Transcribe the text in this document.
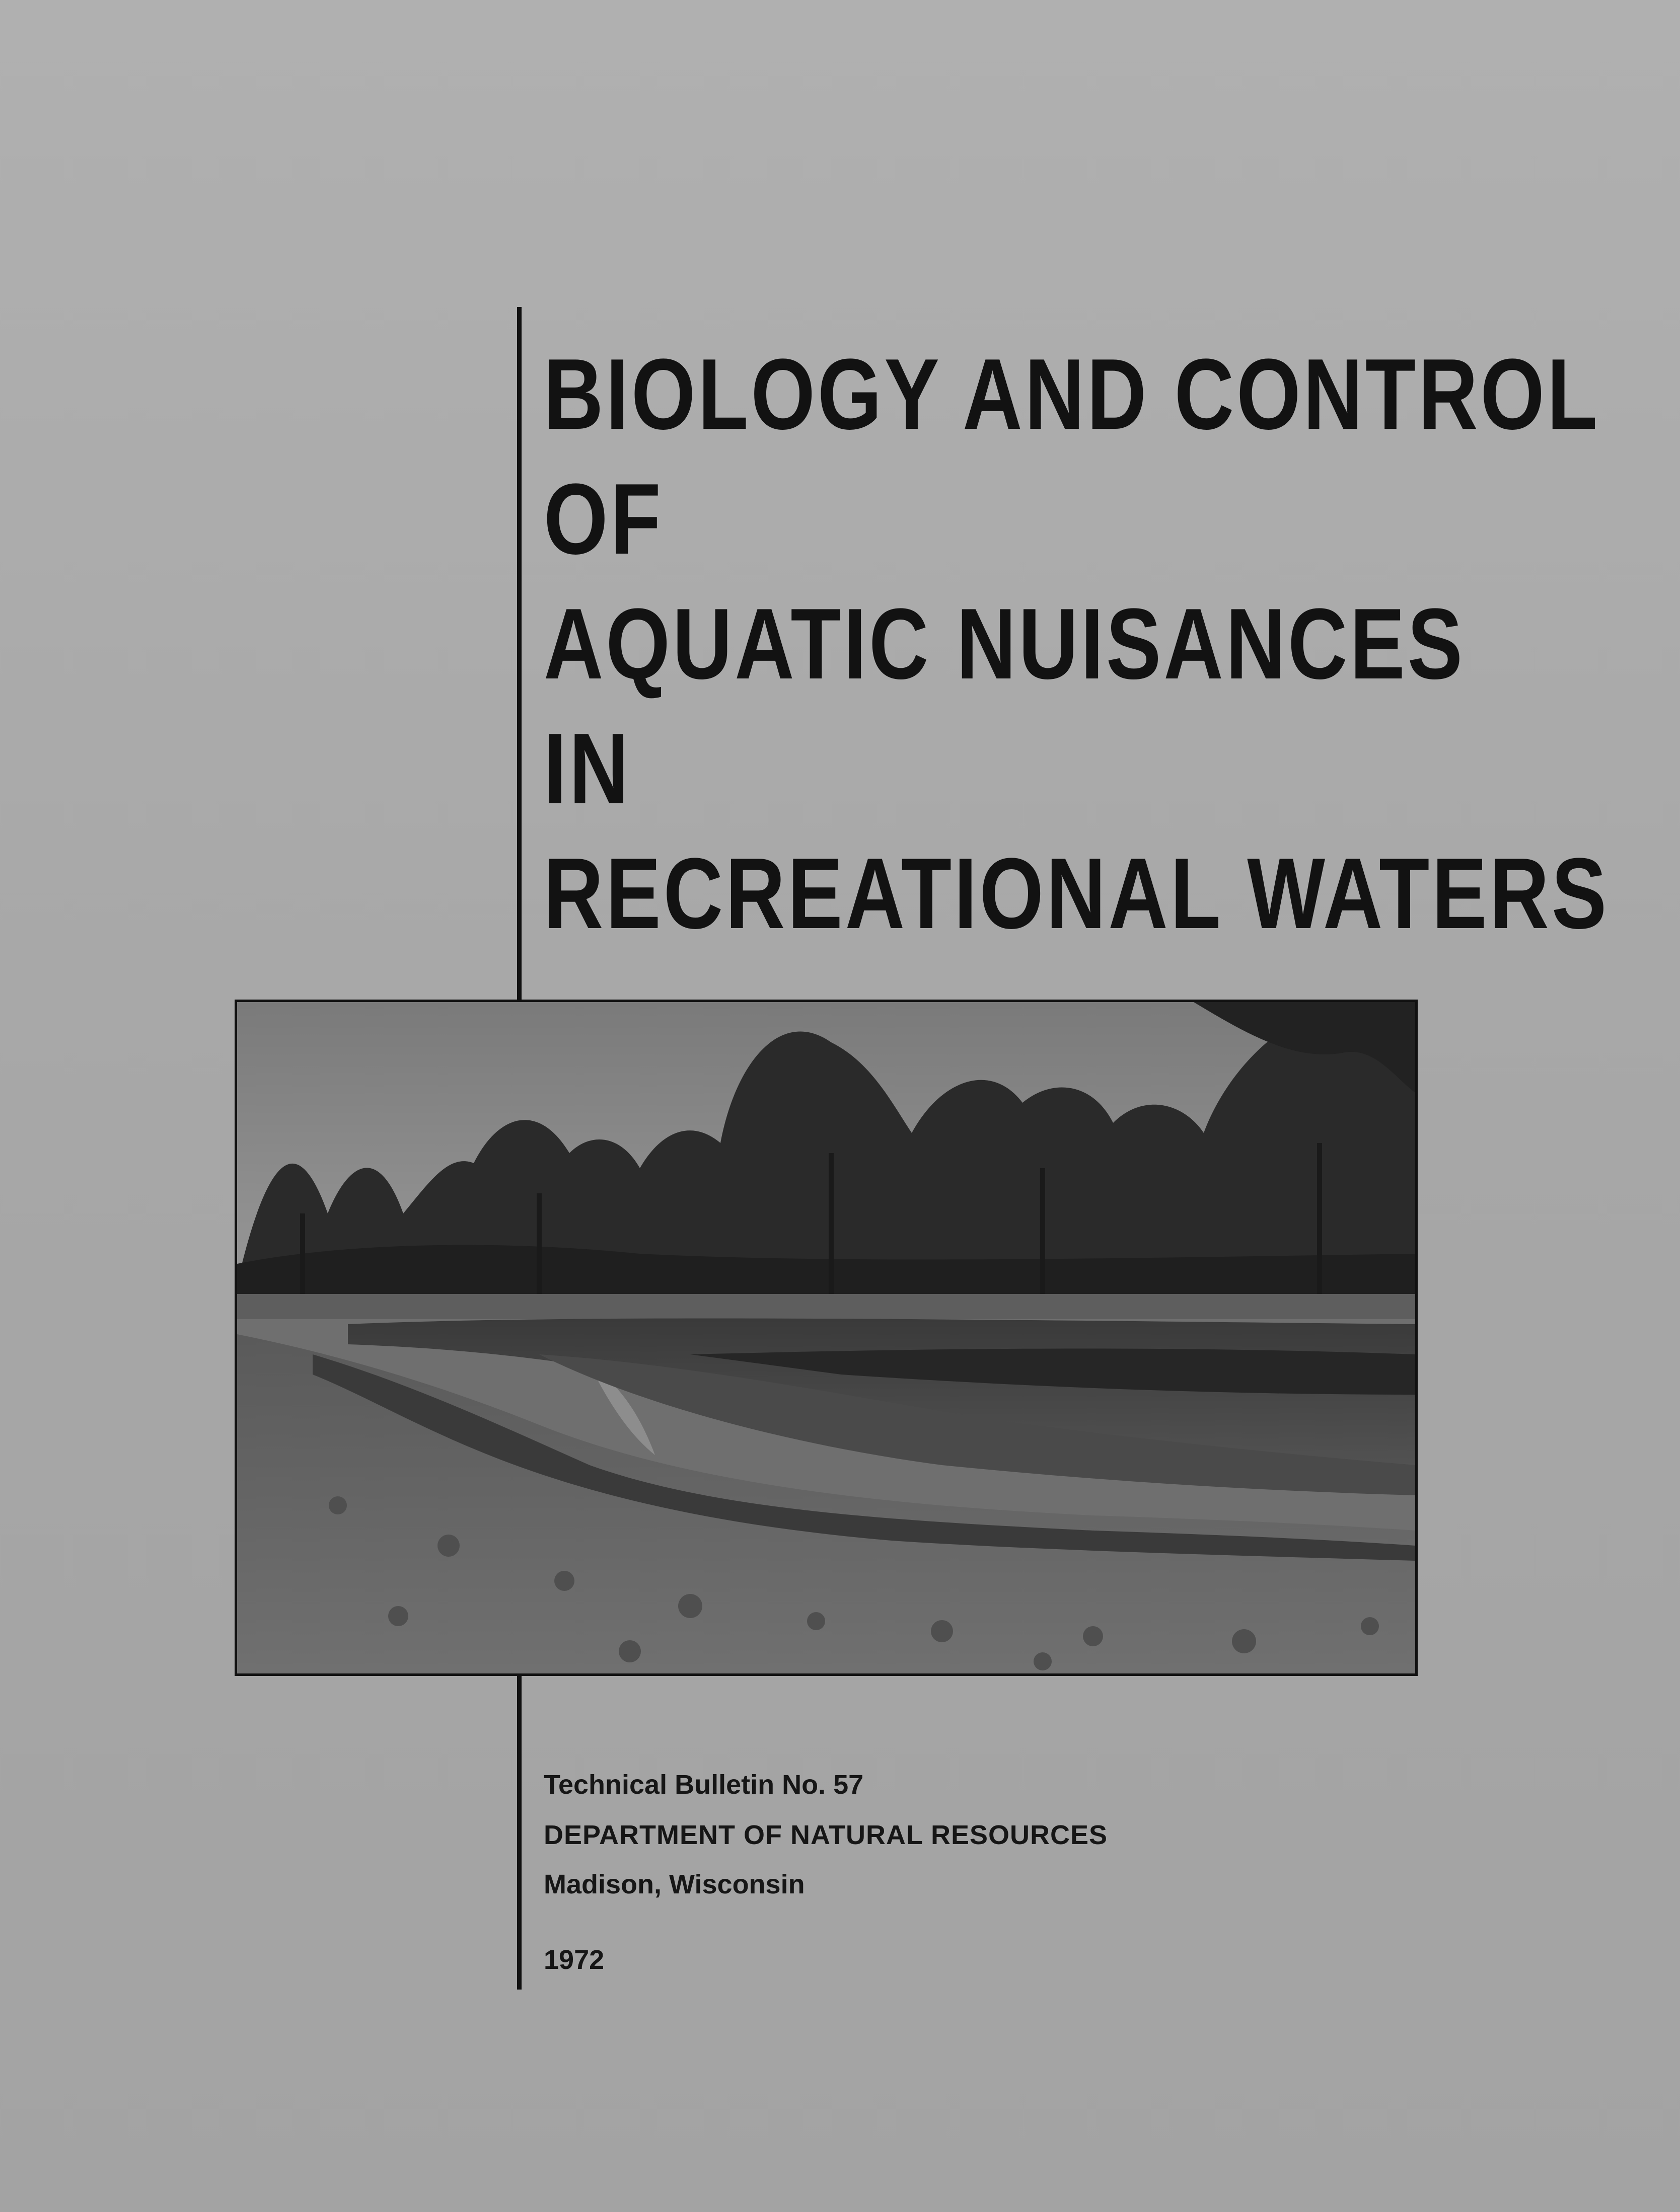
BIOLOGY AND CONTROL
OF
AQUATIC NUISANCES
IN
RECREATIONAL WATERS
Technical Bulletin No. 57
DEPARTMENT OF NATURAL RESOURCES
Madison, Wisconsin
1972
